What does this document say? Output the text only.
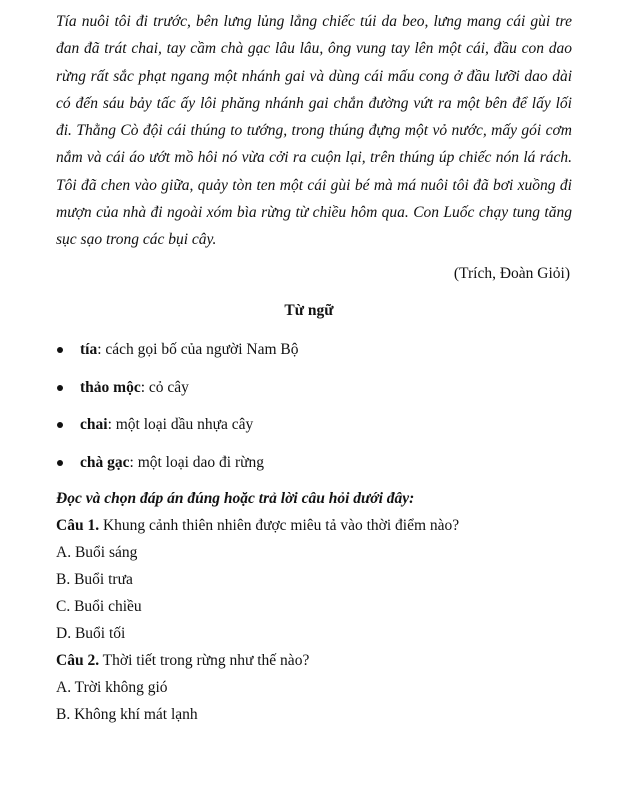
Tía nuôi tôi đi trước, bên lưng lủng lẳng chiếc túi da beo, lưng mang cái gùi tre đan đã trát chai, tay cầm chà gạc lâu lâu, ông vung tay lên một cái, đầu con dao rừng rất sắc phạt ngang một nhánh gai và dùng cái mấu cong ở đầu lưỡi dao dài có đến sáu bảy tấc ấy lôi phăng nhánh gai chắn đường vứt ra một bên để lấy lối đi. Thằng Cò đội cái thúng to tướng, trong thúng đựng một vỏ nước, mấy gói cơm nắm và cái áo ướt mồ hôi nó vừa cởi ra cuộn lại, trên thúng úp chiếc nón lá rách. Tôi đã chen vào giữa, quảy tòn ten một cái gùi bé mà má nuôi tôi đã bơi xuồng đi mượn của nhà đi ngoài xóm bìa rừng từ chiều hôm qua. Con Luốc chạy tung tăng sục sạo trong các bụi cây.

(Trích, Đoàn Giỏi)

Từ ngữ

tía: cách gọi bố của người Nam Bộ
thảo mộc: cỏ cây
chai: một loại dầu nhựa cây
chà gạc: một loại dao đi rừng

Đọc và chọn đáp án đúng hoặc trả lời câu hỏi dưới đây:

Câu 1. Khung cảnh thiên nhiên được miêu tả vào thời điểm nào?
A. Buổi sáng
B. Buổi trưa
C. Buổi chiều
D. Buổi tối
Câu 2. Thời tiết trong rừng như thế nào?
A. Trời không gió
B. Không khí mát lạnh
